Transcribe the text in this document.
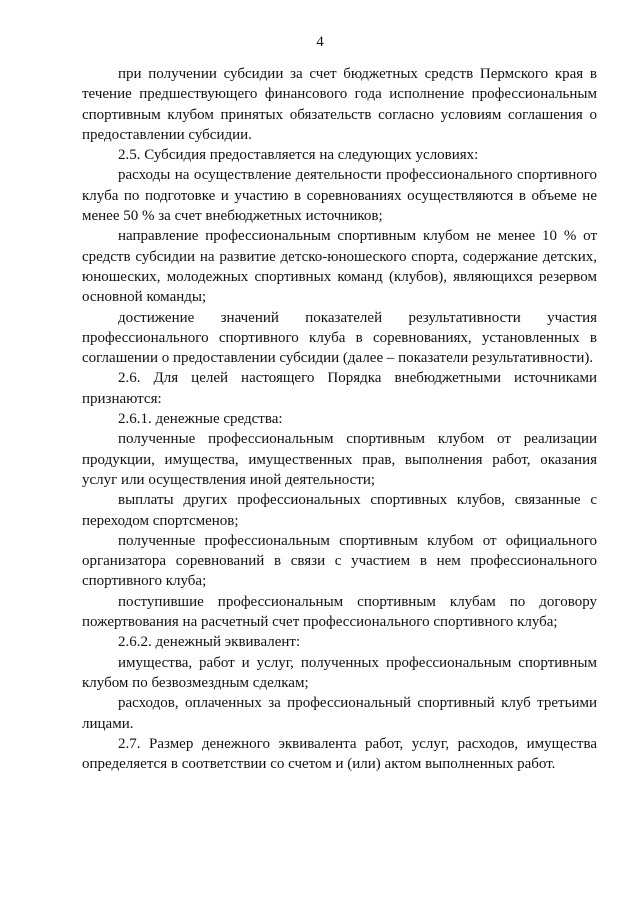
4

при получении субсидии за счет бюджетных средств Пермского края в течение предшествующего финансового года исполнение профессиональным спортивным клубом принятых обязательств согласно условиям соглашения о предоставлении субсидии.

2.5. Субсидия предоставляется на следующих условиях:

расходы на осуществление деятельности профессионального спортивного клуба по подготовке и участию в соревнованиях осуществляются в объеме не менее 50 % за счет внебюджетных источников;

направление профессиональным спортивным клубом не менее 10 % от средств субсидии на развитие детско-юношеского спорта, содержание детских, юношеских, молодежных спортивных команд (клубов), являющихся резервом основной команды;

достижение значений показателей результативности участия профессионального спортивного клуба в соревнованиях, установленных в соглашении о предоставлении субсидии (далее – показатели результативности).

2.6. Для целей настоящего Порядка внебюджетными источниками признаются:

2.6.1. денежные средства:

полученные профессиональным спортивным клубом от реализации продукции, имущества, имущественных прав, выполнения работ, оказания услуг или осуществления иной деятельности;

выплаты других профессиональных спортивных клубов, связанные с переходом спортсменов;

полученные профессиональным спортивным клубом от официального организатора соревнований в связи с участием в нем профессионального спортивного клуба;

поступившие профессиональным спортивным клубам по договору пожертвования на расчетный счет профессионального спортивного клуба;

2.6.2. денежный эквивалент:

имущества, работ и услуг, полученных профессиональным спортивным клубом по безвозмездным сделкам;

расходов, оплаченных за профессиональный спортивный клуб третьими лицами.

2.7. Размер денежного эквивалента работ, услуг, расходов, имущества определяется в соответствии со счетом и (или) актом выполненных работ.
